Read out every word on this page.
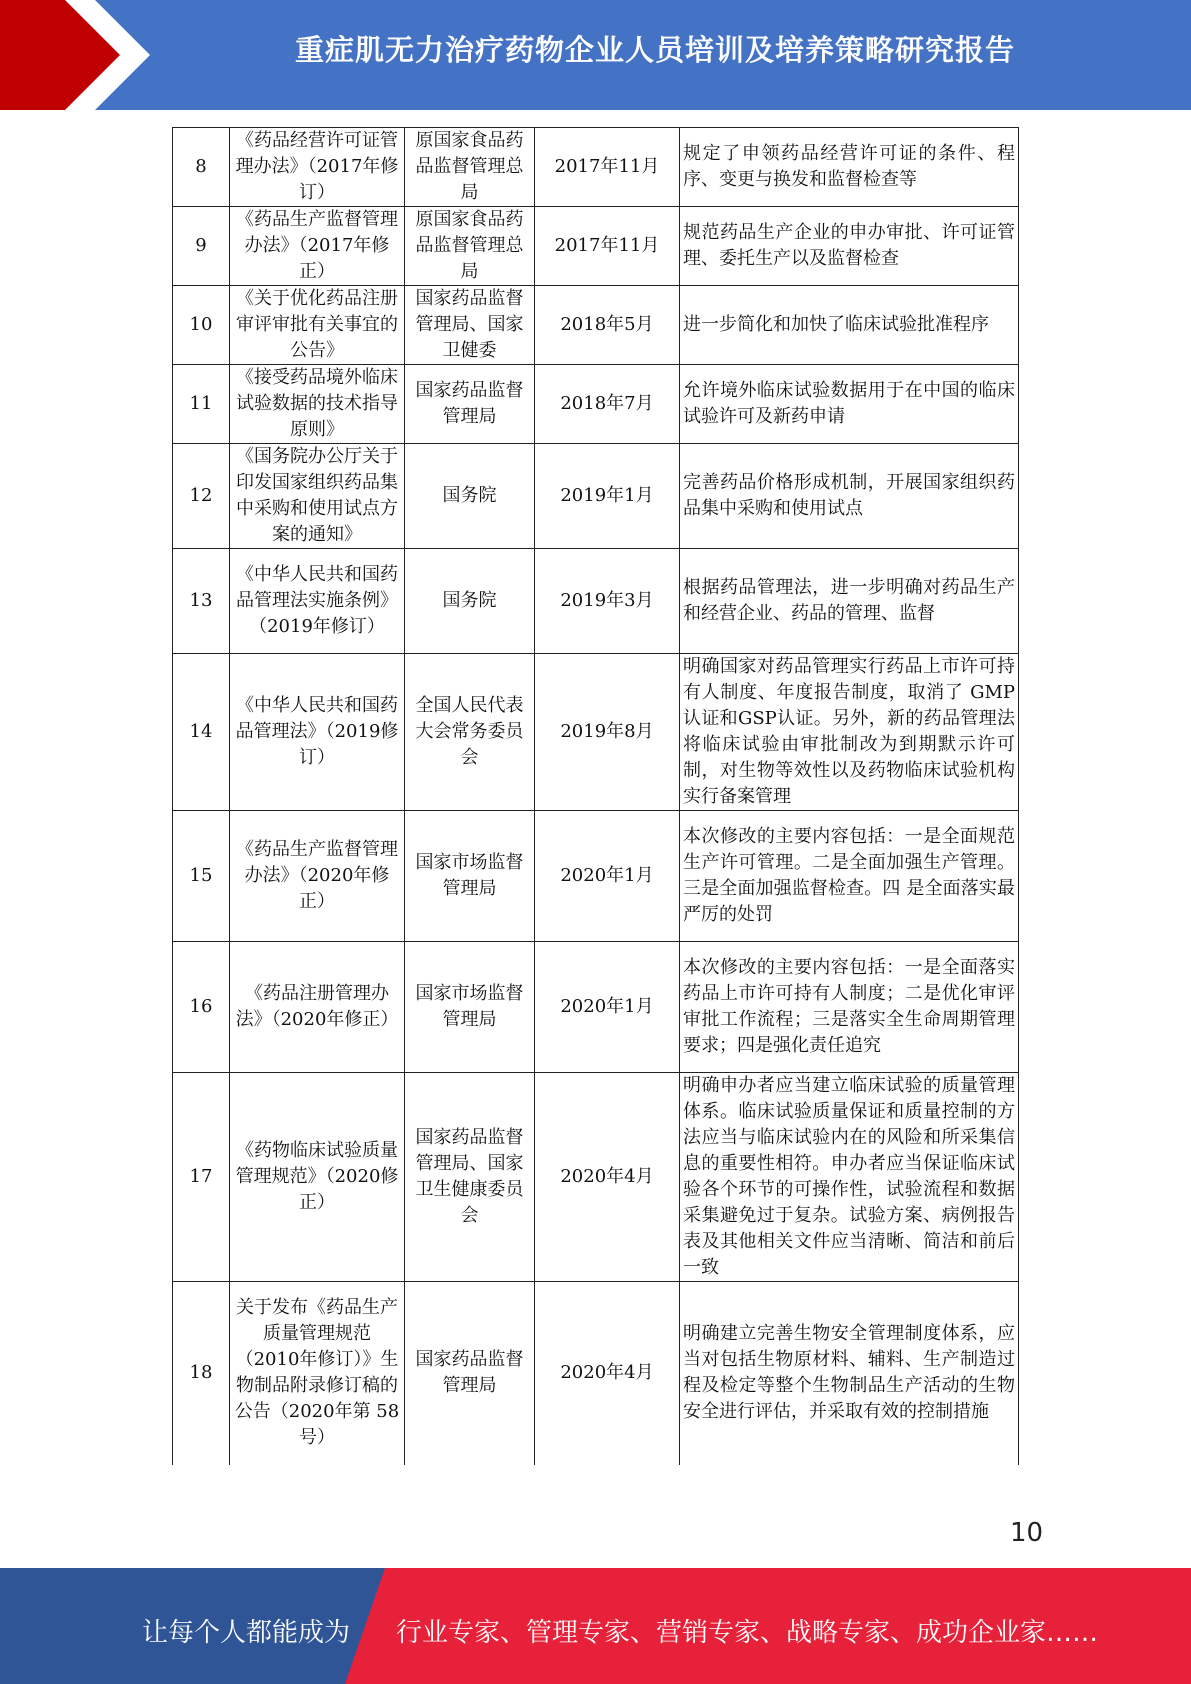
重症肌无力治疗药物企业人员培训及培养策略研究报告
8	《药品经营许可证管理办法》（2017年修订）	原国家食品药品监督管理总局	2017年11月	规定了申领药品经营许可证的条件、程序、变更与换发和监督检查等
9	《药品生产监督管理办法》（2017年修正）	原国家食品药品监督管理总局	2017年11月	规范药品生产企业的申办审批、许可证管理、委托生产以及监督检查
10	《关于优化药品注册审评审批有关事宜的公告》	国家药品监督管理局、国家卫健委	2018年5月	进一步简化和加快了临床试验批准程序
11	《接受药品境外临床试验数据的技术指导原则》	国家药品监督管理局	2018年7月	允许境外临床试验数据用于在中国的临床试验许可及新药申请
12	《国务院办公厅关于印发国家组织药品集中采购和使用试点方案的通知》	国务院	2019年1月	完善药品价格形成机制，开展国家组织药品集中采购和使用试点
13	《中华人民共和国药品管理法实施条例》（2019年修订）	国务院	2019年3月	根据药品管理法，进一步明确对药品生产和经营企业、药品的管理、监督
14	《中华人民共和国药品管理法》（2019修订）	全国人民代表大会常务委员会	2019年8月	明确国家对药品管理实行药品上市许可持有人制度、年度报告制度，取消了 GMP认证和GSP认证。另外，新的药品管理法将临床试验由审批制改为到期默示许可制，对生物等效性以及药物临床试验机构实行备案管理
15	《药品生产监督管理办法》（2020年修正）	国家市场监督管理局	2020年1月	本次修改的主要内容包括：一是全面规范生产许可管理。二是全面加强生产管理。三是全面加强监督检查。四 是全面落实最严厉的处罚
16	《药品注册管理办法》（2020年修正）	国家市场监督管理局	2020年1月	本次修改的主要内容包括：一是全面落实药品上市许可持有人制度；二是优化审评审批工作流程；三是落实全生命周期管理要求；四是强化责任追究
17	《药物临床试验质量管理规范》（2020修正）	国家药品监督管理局、国家卫生健康委员会	2020年4月	明确申办者应当建立临床试验的质量管理体系。临床试验质量保证和质量控制的方法应当与临床试验内在的风险和所采集信息的重要性相符。申办者应当保证临床试验各个环节的可操作性，试验流程和数据采集避免过于复杂。试验方案、病例报告表及其他相关文件应当清晰、简洁和前后一致
18	关于发布《药品生产质量管理规范（2010年修订）》生物制品附录修订稿的公告（2020年第 58号）	国家药品监督管理局	2020年4月	明确建立完善生物安全管理制度体系，应当对包括生物原材料、辅料、生产制造过程及检定等整个生物制品生产活动的生物安全进行评估，并采取有效的控制措施
10
让每个人都能成为 行业专家、管理专家、营销专家、战略专家、成功企业家……
